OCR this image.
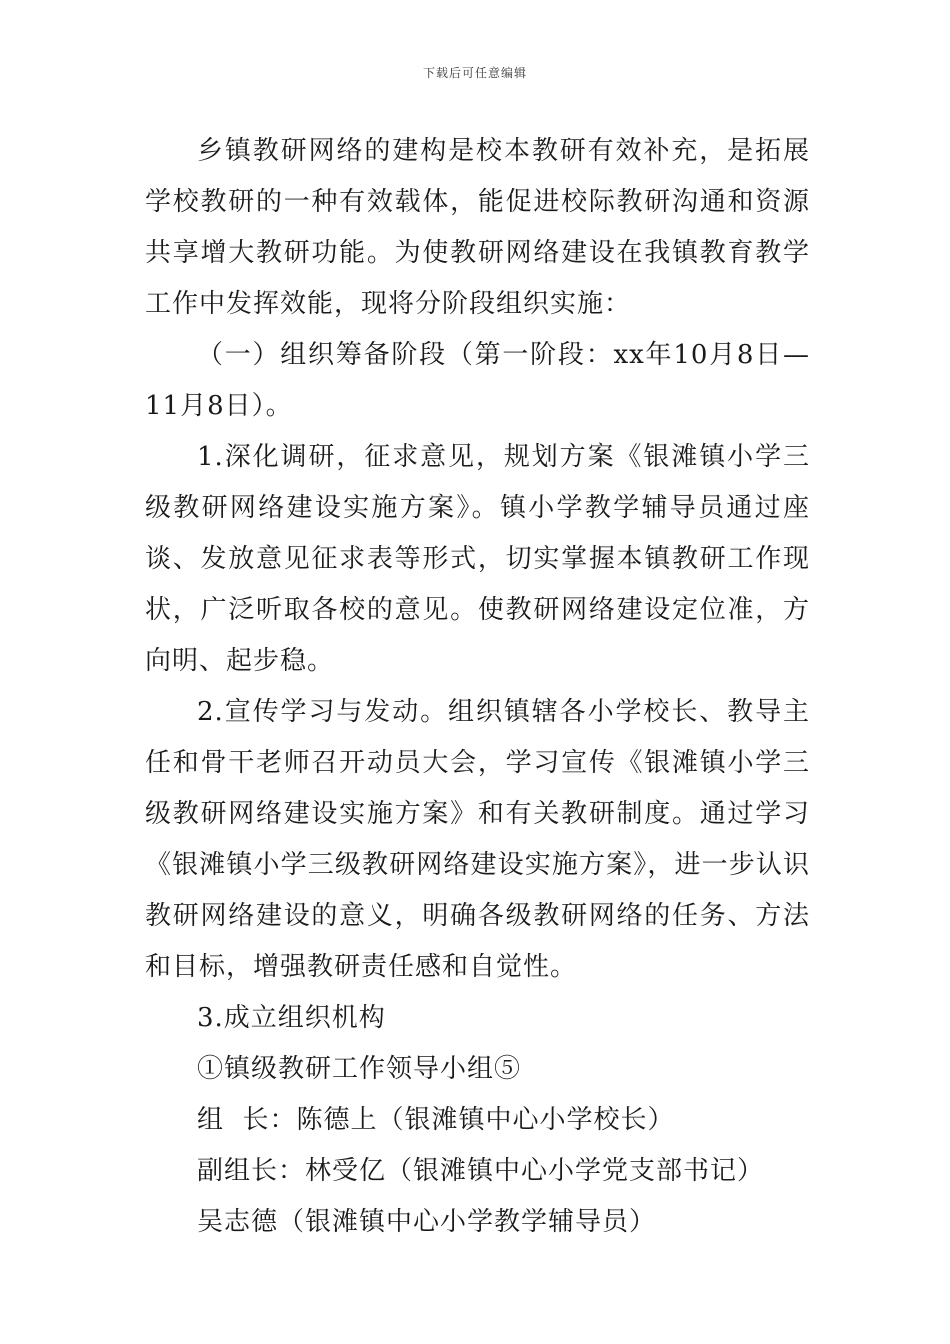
下载后可任意编辑

乡镇教研网络的建构是校本教研有效补充，是拓展学校教研的一种有效载体，能促进校际教研沟通和资源共享增大教研功能。为使教研网络建设在我镇教育教学工作中发挥效能，现将分阶段组织实施：

（一）组织筹备阶段（第一阶段：xx年10月8日—11月8日）。

1.深化调研，征求意见，规划方案《银滩镇小学三级教研网络建设实施方案》。镇小学教学辅导员通过座谈、发放意见征求表等形式，切实掌握本镇教研工作现状，广泛听取各校的意见。使教研网络建设定位准，方向明、起步稳。

2.宣传学习与发动。组织镇辖各小学校长、教导主任和骨干老师召开动员大会，学习宣传《银滩镇小学三级教研网络建设实施方案》和有关教研制度。通过学习《银滩镇小学三级教研网络建设实施方案》，进一步认识教研网络建设的意义，明确各级教研网络的任务、方法和目标，增强教研责任感和自觉性。

3.成立组织机构

①镇级教研工作领导小组⑤

组  长：陈德上（银滩镇中心小学校长）

副组长：林受亿（银滩镇中心小学党支部书记）

吴志德（银滩镇中心小学教学辅导员）
